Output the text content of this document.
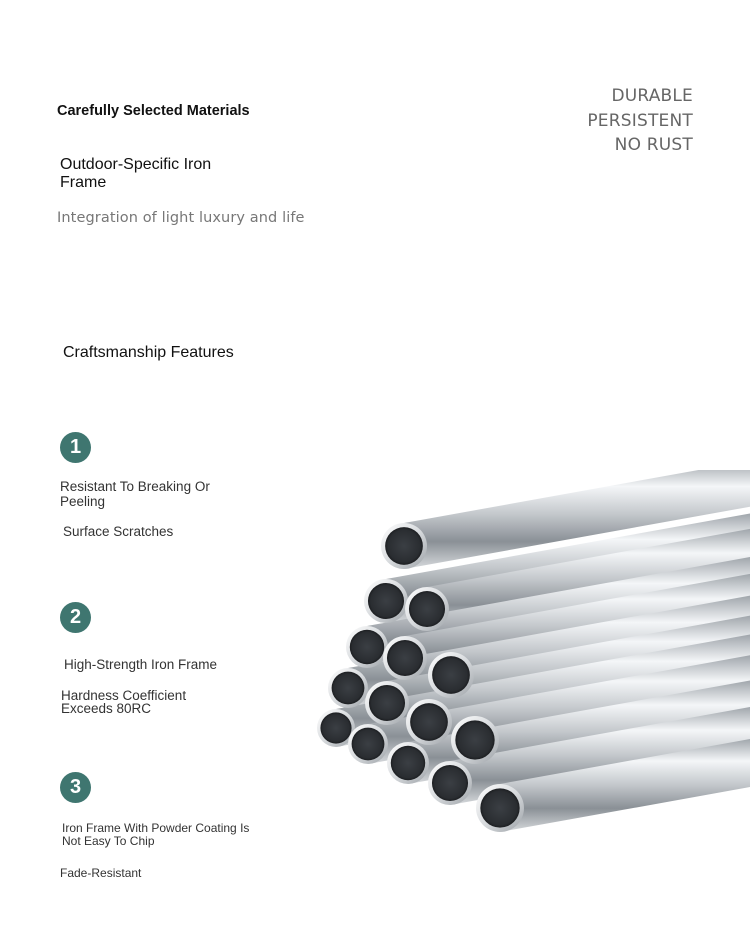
Carefully Selected Materials
Outdoor-Specific Iron Frame
Integration of light luxury and life
DURABLE
PERSISTENT
NO RUST
Craftsmanship Features
1
Resistant To Breaking Or Peeling
Surface Scratches
2
High-Strength Iron Frame
Hardness Coefficient Exceeds 80RC
3
Iron Frame With Powder Coating Is Not Easy To Chip
Fade-Resistant
